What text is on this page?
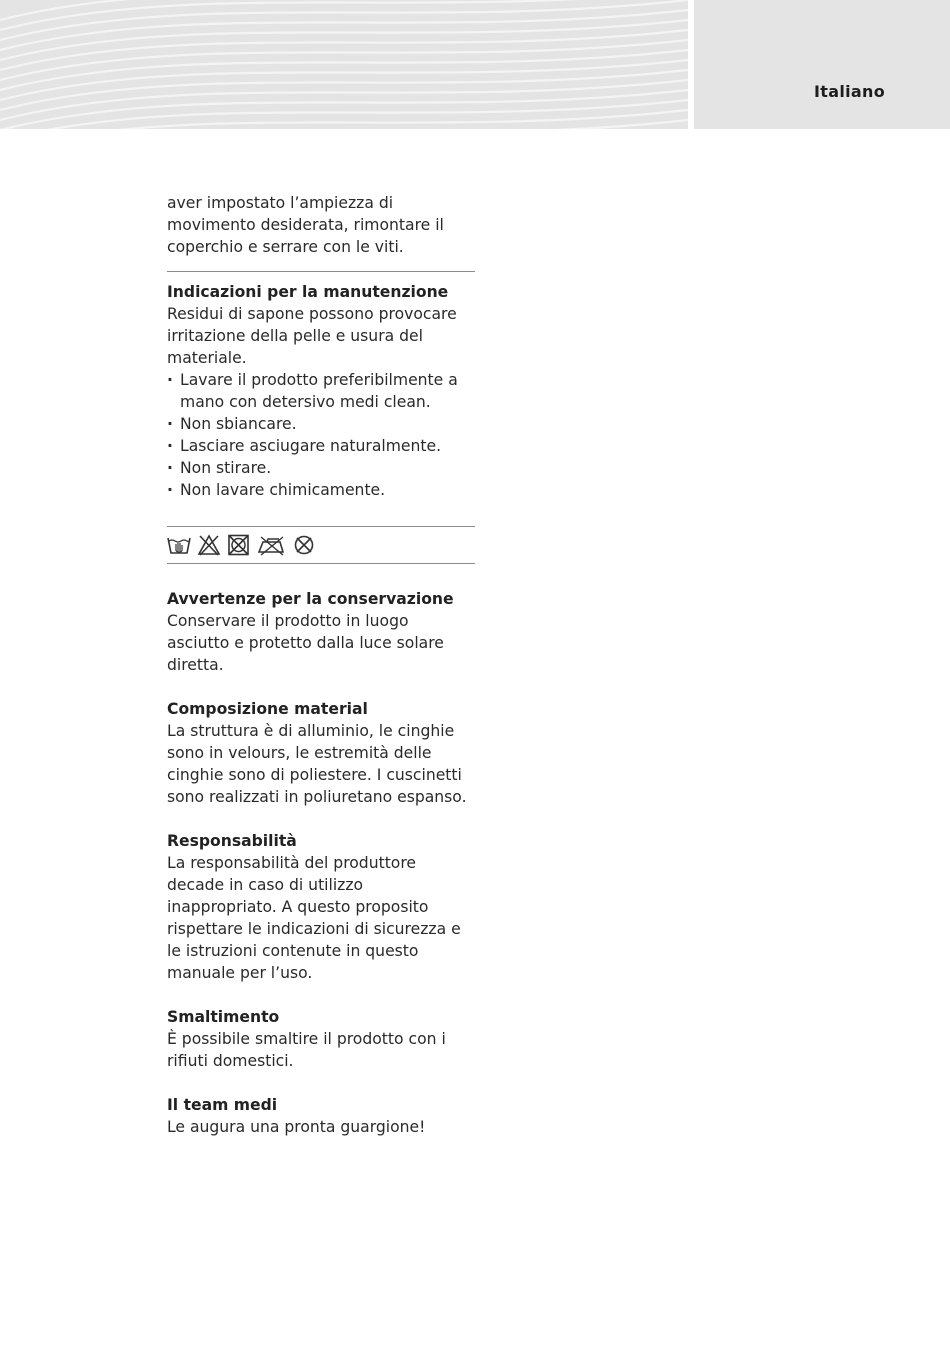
Italiano

aver impostato l’ampiezza di movimento desiderata, rimontare il coperchio e serrare con le viti.

Indicazioni per la manutenzione

Residui di sapone possono provocare irritazione della pelle e usura del materiale.

· Lavare il prodotto preferibilmente a mano con detersivo medi clean.
· Non sbiancare.
· Lasciare asciugare naturalmente.
· Non stirare.
· Non lavare chimicamente.
Avvertenze per la conservazione

Conservare il prodotto in luogo asciutto e protetto dalla luce solare diretta.

Composizione material

La struttura è di alluminio, le cinghie sono in velours, le estremità delle cinghie sono di poliestere. I cuscinetti sono realizzati in poliuretano espanso.

Responsabilità

La responsabilità del produttore decade in caso di utilizzo inappropriato. A questo proposito rispettare le indicazioni di sicurezza e le istruzioni contenute in questo manuale per l’uso.

Smaltimento

È possibile smaltire il prodotto con i rifiuti domestici.

Il team medi

Le augura una pronta guargione!
